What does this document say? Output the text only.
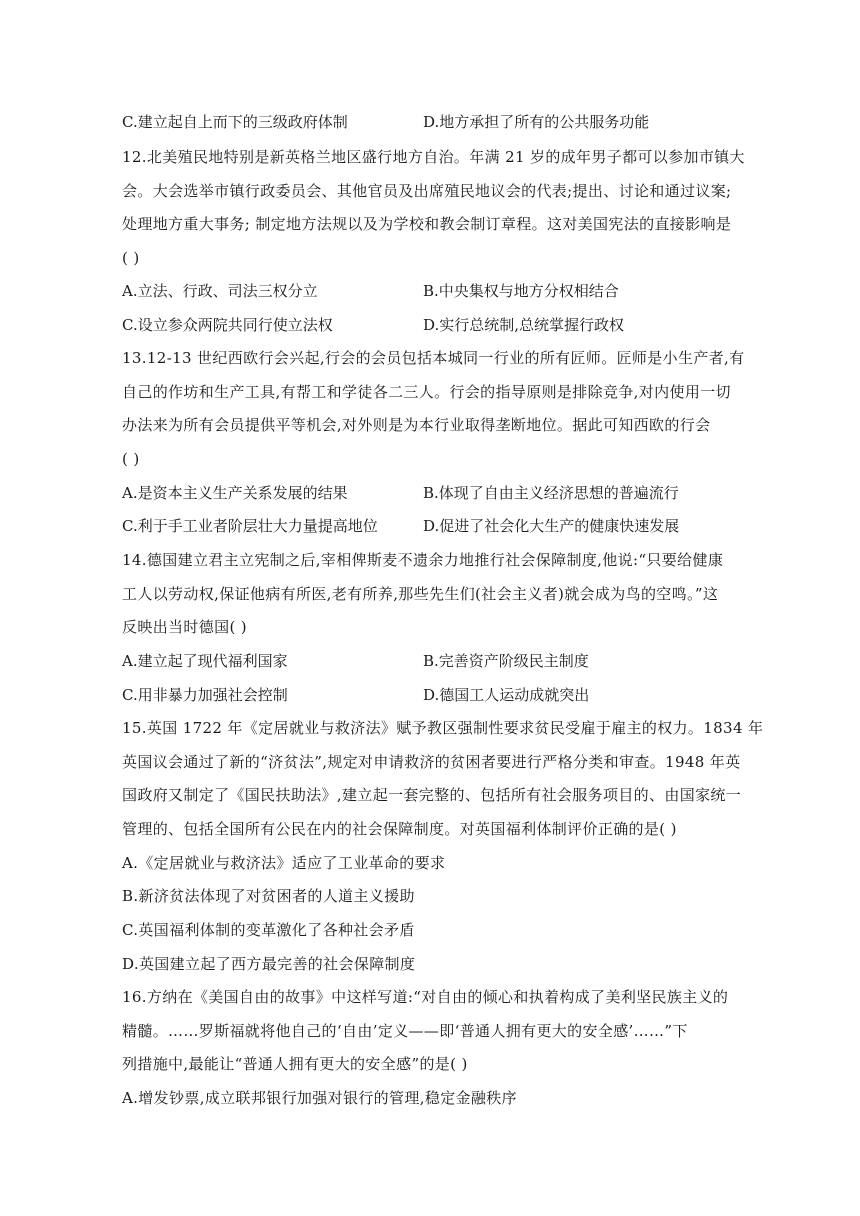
C.建立起自上而下的三级政府体制	D.地方承担了所有的公共服务功能
12.北美殖民地特别是新英格兰地区盛行地方自治。年满 21 岁的成年男子都可以参加市镇大
会。大会选举市镇行政委员会、其他官员及出席殖民地议会的代表;提出、讨论和通过议案;
处理地方重大事务; 制定地方法规以及为学校和教会制订章程。这对美国宪法的直接影响是
( )
A.立法、行政、司法三权分立	B.中央集权与地方分权相结合
C.设立参众两院共同行使立法权	D.实行总统制,总统掌握行政权
13.12-13 世纪西欧行会兴起,行会的会员包括本城同一行业的所有匠师。匠师是小生产者,有
自己的作坊和生产工具,有帮工和学徒各二三人。行会的指导原则是排除竞争,对内使用一切
办法来为所有会员提供平等机会,对外则是为本行业取得垄断地位。据此可知西欧的行会
( )
A.是资本主义生产关系发展的结果	B.体现了自由主义经济思想的普遍流行
C.利于手工业者阶层壮大力量提高地位	D.促进了社会化大生产的健康快速发展
14.德国建立君主立宪制之后,宰相俾斯麦不遗余力地推行社会保障制度,他说:“只要给健康
工人以劳动权,保证他病有所医,老有所养,那些先生们(社会主义者)就会成为鸟的空鸣。”这
反映出当时德国( )
A.建立起了现代福利国家	B.完善资产阶级民主制度
C.用非暴力加强社会控制	D.德国工人运动成就突出
15.英国 1722 年《定居就业与救济法》赋予教区强制性要求贫民受雇于雇主的权力。1834 年
英国议会通过了新的“济贫法”,规定对申请救济的贫困者要进行严格分类和审查。1948 年英
国政府又制定了《国民扶助法》,建立起一套完整的、包括所有社会服务项目的、由国家统一
管理的、包括全国所有公民在内的社会保障制度。对英国福利体制评价正确的是( )
A.《定居就业与救济法》适应了工业革命的要求
B.新济贫法体现了对贫困者的人道主义援助
C.英国福利体制的变革激化了各种社会矛盾
D.英国建立起了西方最完善的社会保障制度
16.方纳在《美国自由的故事》中这样写道:“对自由的倾心和执着构成了美利坚民族主义的
精髓。……罗斯福就将他自己的‘自由’定义——即‘普通人拥有更大的安全感’……”下
列措施中,最能让“普通人拥有更大的安全感”的是( )
A.增发钞票,成立联邦银行加强对银行的管理,稳定金融秩序
